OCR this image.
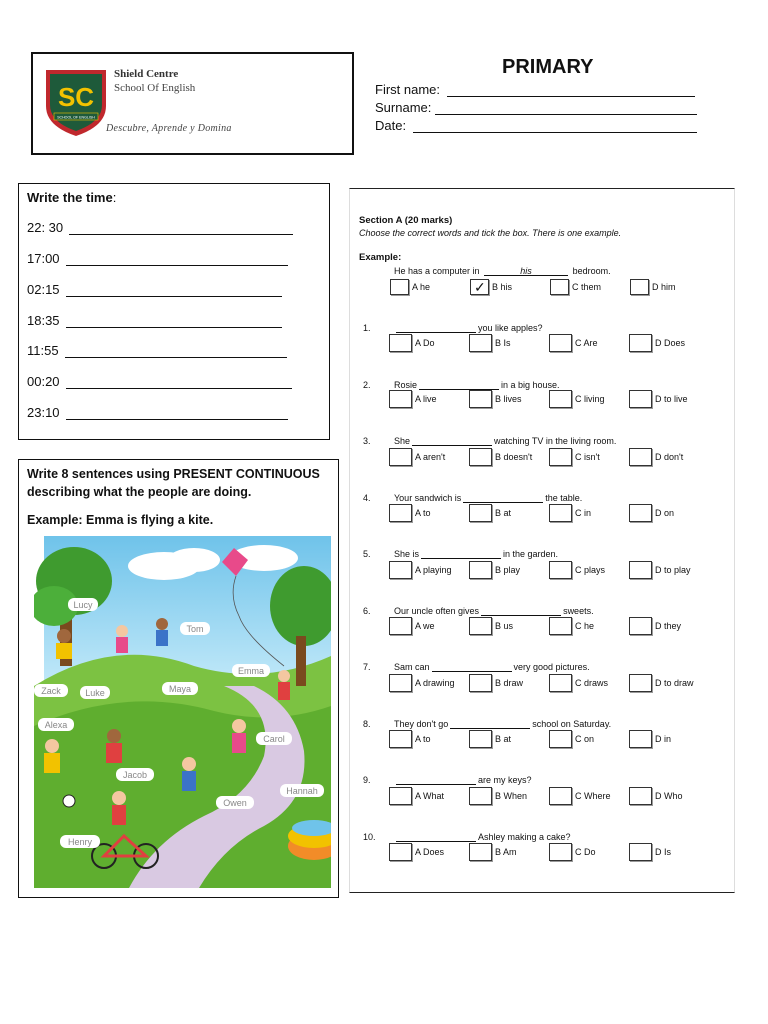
SC
SCHOOL OF ENGLISH
Shield Centre
School Of English
Descubre, Aprende y Domina
PRIMARY
First name:
Surname:
Date:
Write the time:
22: 30
17:00
02:15
18:35
11:55
00:20
23:10
Write 8 sentences using PRESENT CONTINUOUS describing what the people are doing.
Example: Emma is flying a kite.
Lucy
Tom
Emma
Zack	Luke	Maya
Alexa
Carol
Jacob
Hannah
Owen
Henry
Section A (20 marks)
Choose the correct words and tick the box. There is one example.
Example:
He has a computer in	his	bedroom.
A he	✓ B his	C them	D him
1.	you like apples?
A Do	B Is	C Are	D Does
2.	Rosie	in a big house.
A live	B lives	C living	D to live
3.	She	watching TV in the living room.
A aren't	B doesn't	C isn't	D don't
4.	Your sandwich is	the table.
A to	B at	C in	D on
5.	She is	in the garden.
A playing	B play	C plays	D to play
6.	Our uncle often gives	sweets.
A we	B us	C he	D they
7.	Sam can	very good pictures.
A drawing	B draw	C draws	D to draw
8.	They don't go	school on Saturday.
A to	B at	C on	D in
9.	are my keys?
A What	B When	C Where	D Who
10.	Ashley making a cake?
A Does	B Am	C Do	D Is
